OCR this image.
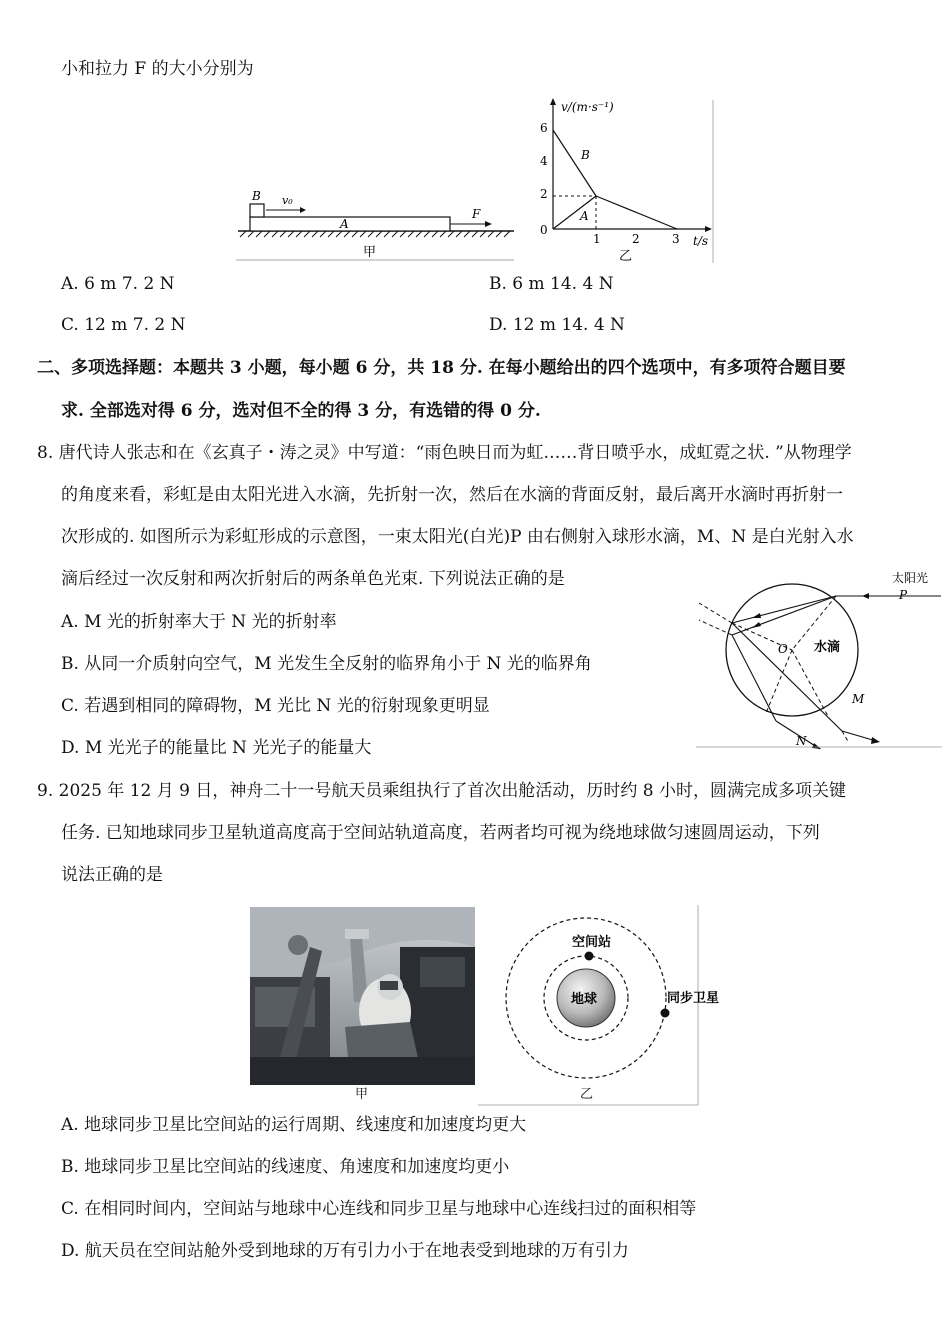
小和拉力 F 的大小分别为
B v₀
A
F
甲
v/(m·s⁻¹)
6
4
2
0
1	2	3 t/s
B
A
乙
A. 6 m 7. 2 N	B. 6 m 14. 4 N
C. 12 m 7. 2 N	D. 12 m 14. 4 N
二、多项选择题：本题共 3 小题，每小题 6 分，共 18 分. 在每小题给出的四个选项中，有多项符合题目要
求. 全部选对得 6 分，选对但不全的得 3 分，有选错的得 0 分.
8. 唐代诗人张志和在《玄真子・涛之灵》中写道：“雨色映日而为虹……背日喷乎水，成虹霓之状. ”从物理学
的角度来看，彩虹是由太阳光进入水滴，先折射一次，然后在水滴的背面反射，最后离开水滴时再折射一
次形成的. 如图所示为彩虹形成的示意图，一束太阳光(白光)P 由右侧射入球形水滴，M、N 是白光射入水
滴后经过一次反射和两次折射后的两条单色光束. 下列说法正确的是	太阳光
P
O 水滴
M
N
A. M 光的折射率大于 N 光的折射率
B. 从同一介质射向空气，M 光发生全反射的临界角小于 N 光的临界角
C. 若遇到相同的障碍物，M 光比 N 光的衍射现象更明显
D. M 光光子的能量比 N 光光子的能量大
9. 2025 年 12 月 9 日，神舟二十一号航天员乘组执行了首次出舱活动，历时约 8 小时，圆满完成多项关键
任务. 已知地球同步卫星轨道高度高于空间站轨道高度，若两者均可视为绕地球做匀速圆周运动，下列
说法正确的是
空间站
地球	同步卫星
甲	乙
A. 地球同步卫星比空间站的运行周期、线速度和加速度均更大
B. 地球同步卫星比空间站的线速度、角速度和加速度均更小
C. 在相同时间内，空间站与地球中心连线和同步卫星与地球中心连线扫过的面积相等
D. 航天员在空间站舱外受到地球的万有引力小于在地表受到地球的万有引力
